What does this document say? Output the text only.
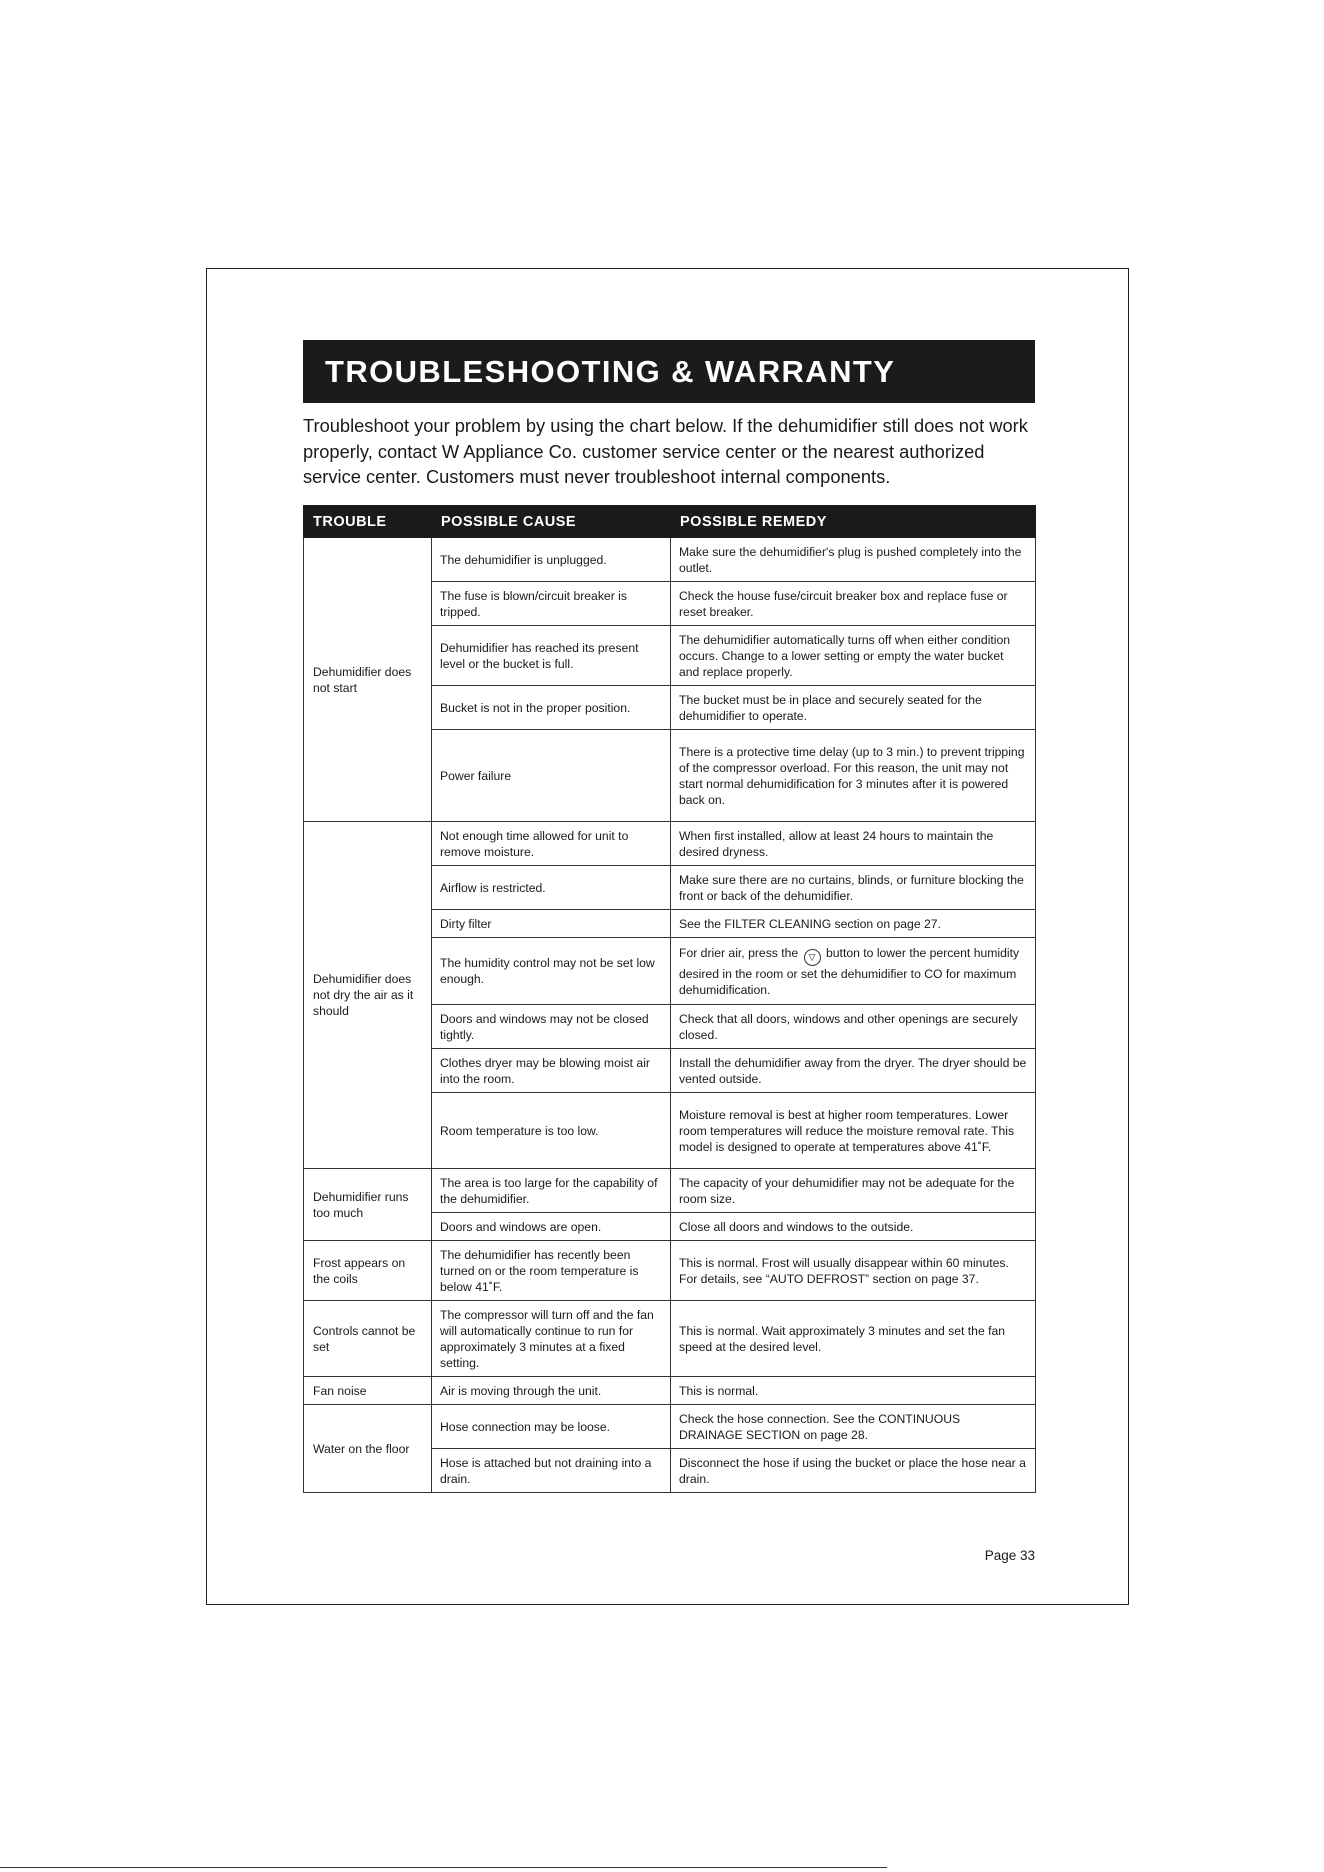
TROUBLESHOOTING & WARRANTY

Troubleshoot your problem by using the chart below. If the dehumidifier still does not work properly, contact W Appliance Co. customer service center or the nearest authorized service center. Customers must never troubleshoot internal components.

TROUBLE	POSSIBLE CAUSE	POSSIBLE REMEDY
Dehumidifier does not start	The dehumidifier is unplugged.	Make sure the dehumidifier's plug is pushed completely into the outlet.
	The fuse is blown/circuit breaker is tripped.	Check the house fuse/circuit breaker box and replace fuse or reset breaker.
	Dehumidifier has reached its present level or the bucket is full.	The dehumidifier automatically turns off when either condition occurs. Change to a lower setting or empty the water bucket and replace properly.
	Bucket is not in the proper position.	The bucket must be in place and securely seated for the dehumidifier to operate.
	Power failure	There is a protective time delay (up to 3 min.) to prevent tripping of the compressor overload. For this reason, the unit may not start normal dehumidification for 3 minutes after it is powered back on.
Dehumidifier does not dry the air as it should	Not enough time allowed for unit to remove moisture.	When first installed, allow at least 24 hours to maintain the desired dryness.
	Airflow is restricted.	Make sure there are no curtains, blinds, or furniture blocking the front or back of the dehumidifier.
	Dirty filter	See the FILTER CLEANING section on page 27.
	The humidity control may not be set low enough.	For drier air, press the ▽ button to lower the percent humidity desired in the room or set the dehumidifier to CO for maximum dehumidification.
	Doors and windows may not be closed tightly.	Check that all doors, windows and other openings are securely closed.
	Clothes dryer may be blowing moist air into the room.	Install the dehumidifier away from the dryer. The dryer should be vented outside.
	Room temperature is too low.	Moisture removal is best at higher room temperatures. Lower room temperatures will reduce the moisture removal rate. This model is designed to operate at temperatures above 41˚F.
Dehumidifier runs too much	The area is too large for the capability of the dehumidifier.	The capacity of your dehumidifier may not be adequate for the room size.
	Doors and windows are open.	Close all doors and windows to the outside.
Frost appears on the coils	The dehumidifier has recently been turned on or the room temperature is below 41˚F.	This is normal. Frost will usually disappear within 60 minutes. For details, see “AUTO DEFROST” section on page 37.
Controls cannot be set	The compressor will turn off and the fan will automatically continue to run for approximately 3 minutes at a fixed setting.	This is normal. Wait approximately 3 minutes and set the fan speed at the desired level.
Fan noise	Air is moving through the unit.	This is normal.
Water on the floor	Hose connection may be loose.	Check the hose connection. See the CONTINUOUS DRAINAGE SECTION on page 28.
	Hose is attached but not draining into a drain.	Disconnect the hose if using the bucket or place the hose near a drain.
Page 33
